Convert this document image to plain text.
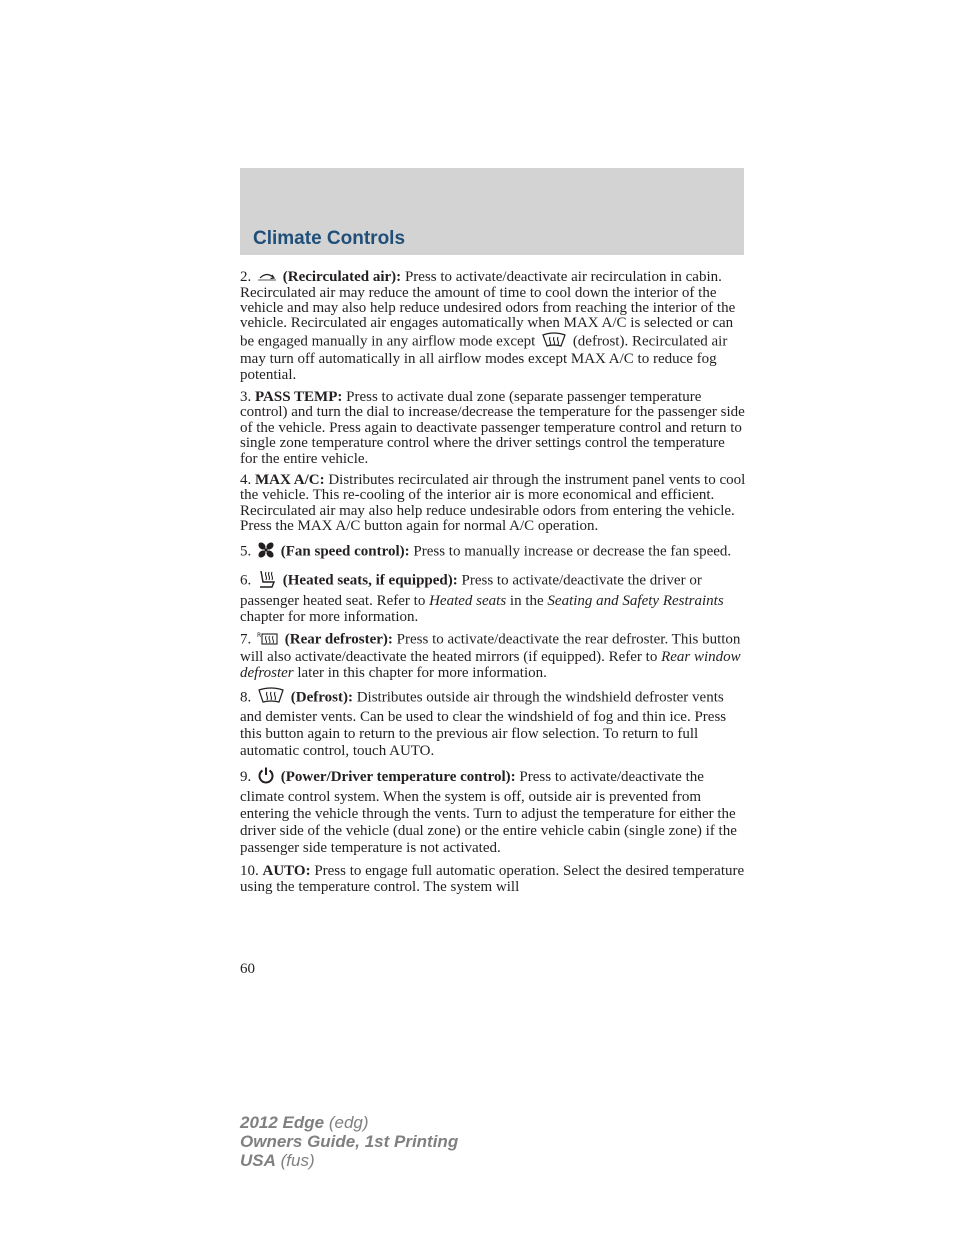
Climate Controls

2. (Recirculated air): Press to activate/deactivate air recirculation in cabin. Recirculated air may reduce the amount of time to cool down the interior of the vehicle and may also help reduce undesired odors from reaching the interior of the vehicle. Recirculated air engages automatically when MAX A/C is selected or can be engaged manually in any airflow mode except	(defrost). Recirculated air may turn off automatically in all airflow modes except MAX A/C to reduce fog potential.

3. PASS TEMP: Press to activate dual zone (separate passenger temperature control) and turn the dial to increase/decrease the temperature for the passenger side of the vehicle. Press again to deactivate passenger temperature control and return to single zone temperature control where the driver settings control the temperature for the entire vehicle.

4. MAX A/C: Distributes recirculated air through the instrument panel vents to cool the vehicle. This re-cooling of the interior air is more economical and efficient. Recirculated air may also help reduce undesirable odors from entering the vehicle. Press the MAX A/C button again for normal A/C operation.

5. (Fan speed control): Press to manually increase or decrease the fan speed.

6. (Heated seats, if equipped): Press to activate/deactivate the driver or passenger heated seat. Refer to Heated seats in the Seating and Safety Restraints chapter for more information.

7. R (Rear defroster): Press to activate/deactivate the rear defroster. This button will also activate/deactivate the heated mirrors (if equipped). Refer to Rear window defroster later in this chapter for more information.

8.	(Defrost): Distributes outside air through the windshield defroster vents and demister vents. Can be used to clear the windshield of fog and thin ice. Press this button again to return to the previous air flow selection. To return to full automatic control, touch AUTO.

9. (Power/Driver temperature control): Press to activate/deactivate the climate control system. When the system is off, outside air is prevented from entering the vehicle through the vents. Turn to adjust the temperature for either the driver side of the vehicle (dual zone) or the entire vehicle cabin (single zone) if the passenger side temperature is not activated.

10. AUTO: Press to engage full automatic operation. Select the desired temperature using the temperature control. The system will

60
2012 Edge (edg)
Owners Guide, 1st Printing
USA (fus)
